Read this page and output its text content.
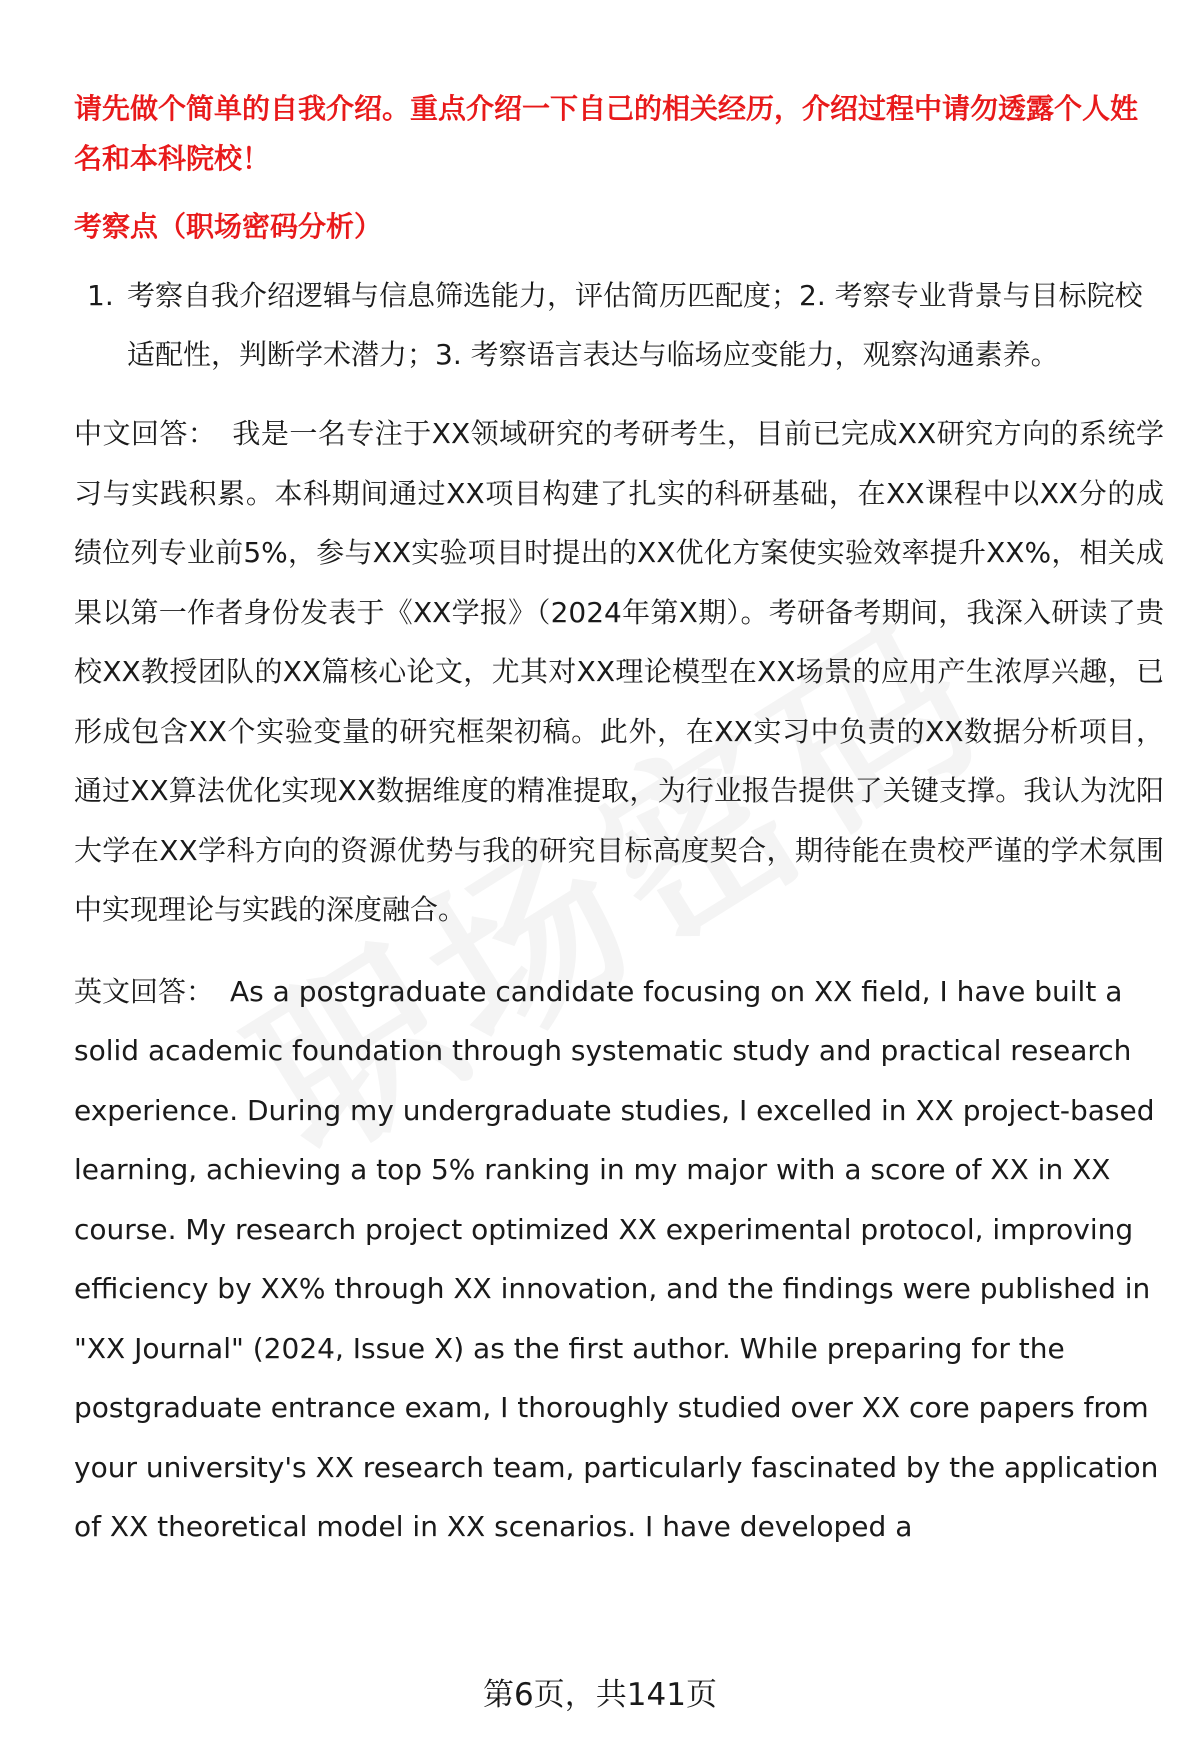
请先做个简单的自我介绍。重点介绍一下自己的相关经历，介绍过程中请勿透露个人姓名和本科院校！

考察点（职场密码分析）

1. 考察自我介绍逻辑与信息筛选能力，评估简历匹配度；2. 考察专业背景与目标院校适配性，判断学术潜力；3. 考察语言表达与临场应变能力，观察沟通素养。

中文回答： 我是一名专注于XX领域研究的考研考生，目前已完成XX研究方向的系统学习与实践积累。本科期间通过XX项目构建了扎实的科研基础，在XX课程中以XX分的成绩位列专业前5%，参与XX实验项目时提出的XX优化方案使实验效率提升XX%，相关成果以第一作者身份发表于《XX学报》（2024年第X期）。考研备考期间，我深入研读了贵校XX教授团队的XX篇核心论文，尤其对XX理论模型在XX场景的应用产生浓厚兴趣，已形成包含XX个实验变量的研究框架初稿。此外，在XX实习中负责的XX数据分析项目，通过XX算法优化实现XX数据维度的精准提取，为行业报告提供了关键支撑。我认为沈阳大学在XX学科方向的资源优势与我的研究目标高度契合，期待能在贵校严谨的学术氛围中实现理论与实践的深度融合。

英文回答： As a postgraduate candidate focusing on XX field, I have built a solid academic foundation through systematic study and practical research experience. During my undergraduate studies, I excelled in XX project-based learning, achieving a top 5% ranking in my major with a score of XX in XX course. My research project optimized XX experimental protocol, improving efficiency by XX% through XX innovation, and the findings were published in "XX Journal" (2024, Issue X) as the first author. While preparing for the postgraduate entrance exam, I thoroughly studied over XX core papers from your university's XX research team, particularly fascinated by the application of XX theoretical model in XX scenarios. I have developed a

第6页，共141页
